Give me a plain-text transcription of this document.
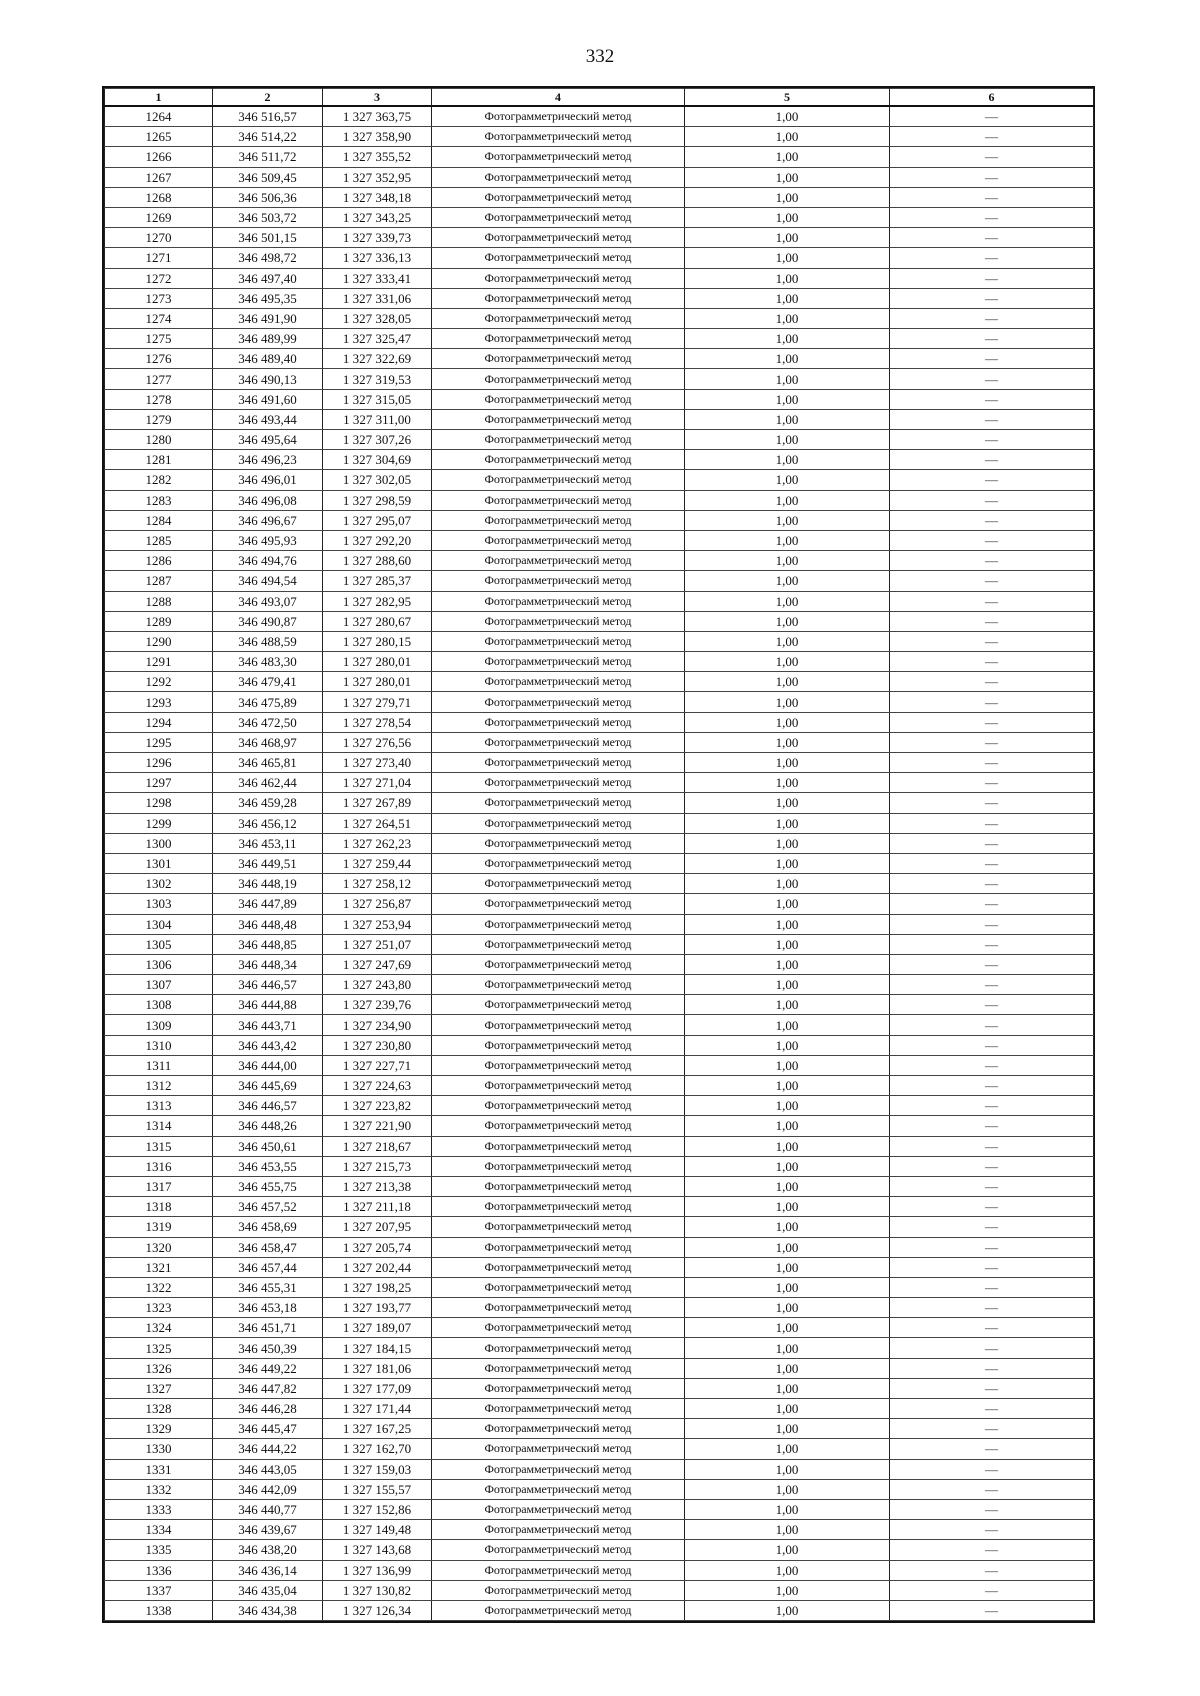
332
1	2	3	4	5	6
1264	346 516,57	1 327 363,75	Фотограмметрический метод	1,00	—
1265	346 514,22	1 327 358,90	Фотограмметрический метод	1,00	—
1266	346 511,72	1 327 355,52	Фотограмметрический метод	1,00	—
1267	346 509,45	1 327 352,95	Фотограмметрический метод	1,00	—
1268	346 506,36	1 327 348,18	Фотограмметрический метод	1,00	—
1269	346 503,72	1 327 343,25	Фотограмметрический метод	1,00	—
1270	346 501,15	1 327 339,73	Фотограмметрический метод	1,00	—
1271	346 498,72	1 327 336,13	Фотограмметрический метод	1,00	—
1272	346 497,40	1 327 333,41	Фотограмметрический метод	1,00	—
1273	346 495,35	1 327 331,06	Фотограмметрический метод	1,00	—
1274	346 491,90	1 327 328,05	Фотограмметрический метод	1,00	—
1275	346 489,99	1 327 325,47	Фотограмметрический метод	1,00	—
1276	346 489,40	1 327 322,69	Фотограмметрический метод	1,00	—
1277	346 490,13	1 327 319,53	Фотограмметрический метод	1,00	—
1278	346 491,60	1 327 315,05	Фотограмметрический метод	1,00	—
1279	346 493,44	1 327 311,00	Фотограмметрический метод	1,00	—
1280	346 495,64	1 327 307,26	Фотограмметрический метод	1,00	—
1281	346 496,23	1 327 304,69	Фотограмметрический метод	1,00	—
1282	346 496,01	1 327 302,05	Фотограмметрический метод	1,00	—
1283	346 496,08	1 327 298,59	Фотограмметрический метод	1,00	—
1284	346 496,67	1 327 295,07	Фотограмметрический метод	1,00	—
1285	346 495,93	1 327 292,20	Фотограмметрический метод	1,00	—
1286	346 494,76	1 327 288,60	Фотограмметрический метод	1,00	—
1287	346 494,54	1 327 285,37	Фотограмметрический метод	1,00	—
1288	346 493,07	1 327 282,95	Фотограмметрический метод	1,00	—
1289	346 490,87	1 327 280,67	Фотограмметрический метод	1,00	—
1290	346 488,59	1 327 280,15	Фотограмметрический метод	1,00	—
1291	346 483,30	1 327 280,01	Фотограмметрический метод	1,00	—
1292	346 479,41	1 327 280,01	Фотограмметрический метод	1,00	—
1293	346 475,89	1 327 279,71	Фотограмметрический метод	1,00	—
1294	346 472,50	1 327 278,54	Фотограмметрический метод	1,00	—
1295	346 468,97	1 327 276,56	Фотограмметрический метод	1,00	—
1296	346 465,81	1 327 273,40	Фотограмметрический метод	1,00	—
1297	346 462,44	1 327 271,04	Фотограмметрический метод	1,00	—
1298	346 459,28	1 327 267,89	Фотограмметрический метод	1,00	—
1299	346 456,12	1 327 264,51	Фотограмметрический метод	1,00	—
1300	346 453,11	1 327 262,23	Фотограмметрический метод	1,00	—
1301	346 449,51	1 327 259,44	Фотограмметрический метод	1,00	—
1302	346 448,19	1 327 258,12	Фотограмметрический метод	1,00	—
1303	346 447,89	1 327 256,87	Фотограмметрический метод	1,00	—
1304	346 448,48	1 327 253,94	Фотограмметрический метод	1,00	—
1305	346 448,85	1 327 251,07	Фотограмметрический метод	1,00	—
1306	346 448,34	1 327 247,69	Фотограмметрический метод	1,00	—
1307	346 446,57	1 327 243,80	Фотограмметрический метод	1,00	—
1308	346 444,88	1 327 239,76	Фотограмметрический метод	1,00	—
1309	346 443,71	1 327 234,90	Фотограмметрический метод	1,00	—
1310	346 443,42	1 327 230,80	Фотограмметрический метод	1,00	—
1311	346 444,00	1 327 227,71	Фотограмметрический метод	1,00	—
1312	346 445,69	1 327 224,63	Фотограмметрический метод	1,00	—
1313	346 446,57	1 327 223,82	Фотограмметрический метод	1,00	—
1314	346 448,26	1 327 221,90	Фотограмметрический метод	1,00	—
1315	346 450,61	1 327 218,67	Фотограмметрический метод	1,00	—
1316	346 453,55	1 327 215,73	Фотограмметрический метод	1,00	—
1317	346 455,75	1 327 213,38	Фотограмметрический метод	1,00	—
1318	346 457,52	1 327 211,18	Фотограмметрический метод	1,00	—
1319	346 458,69	1 327 207,95	Фотограмметрический метод	1,00	—
1320	346 458,47	1 327 205,74	Фотограмметрический метод	1,00	—
1321	346 457,44	1 327 202,44	Фотограмметрический метод	1,00	—
1322	346 455,31	1 327 198,25	Фотограмметрический метод	1,00	—
1323	346 453,18	1 327 193,77	Фотограмметрический метод	1,00	—
1324	346 451,71	1 327 189,07	Фотограмметрический метод	1,00	—
1325	346 450,39	1 327 184,15	Фотограмметрический метод	1,00	—
1326	346 449,22	1 327 181,06	Фотограмметрический метод	1,00	—
1327	346 447,82	1 327 177,09	Фотограмметрический метод	1,00	—
1328	346 446,28	1 327 171,44	Фотограмметрический метод	1,00	—
1329	346 445,47	1 327 167,25	Фотограмметрический метод	1,00	—
1330	346 444,22	1 327 162,70	Фотограмметрический метод	1,00	—
1331	346 443,05	1 327 159,03	Фотограмметрический метод	1,00	—
1332	346 442,09	1 327 155,57	Фотограмметрический метод	1,00	—
1333	346 440,77	1 327 152,86	Фотограмметрический метод	1,00	—
1334	346 439,67	1 327 149,48	Фотограмметрический метод	1,00	—
1335	346 438,20	1 327 143,68	Фотограмметрический метод	1,00	—
1336	346 436,14	1 327 136,99	Фотограмметрический метод	1,00	—
1337	346 435,04	1 327 130,82	Фотограмметрический метод	1,00	—
1338	346 434,38	1 327 126,34	Фотограмметрический метод	1,00	—
